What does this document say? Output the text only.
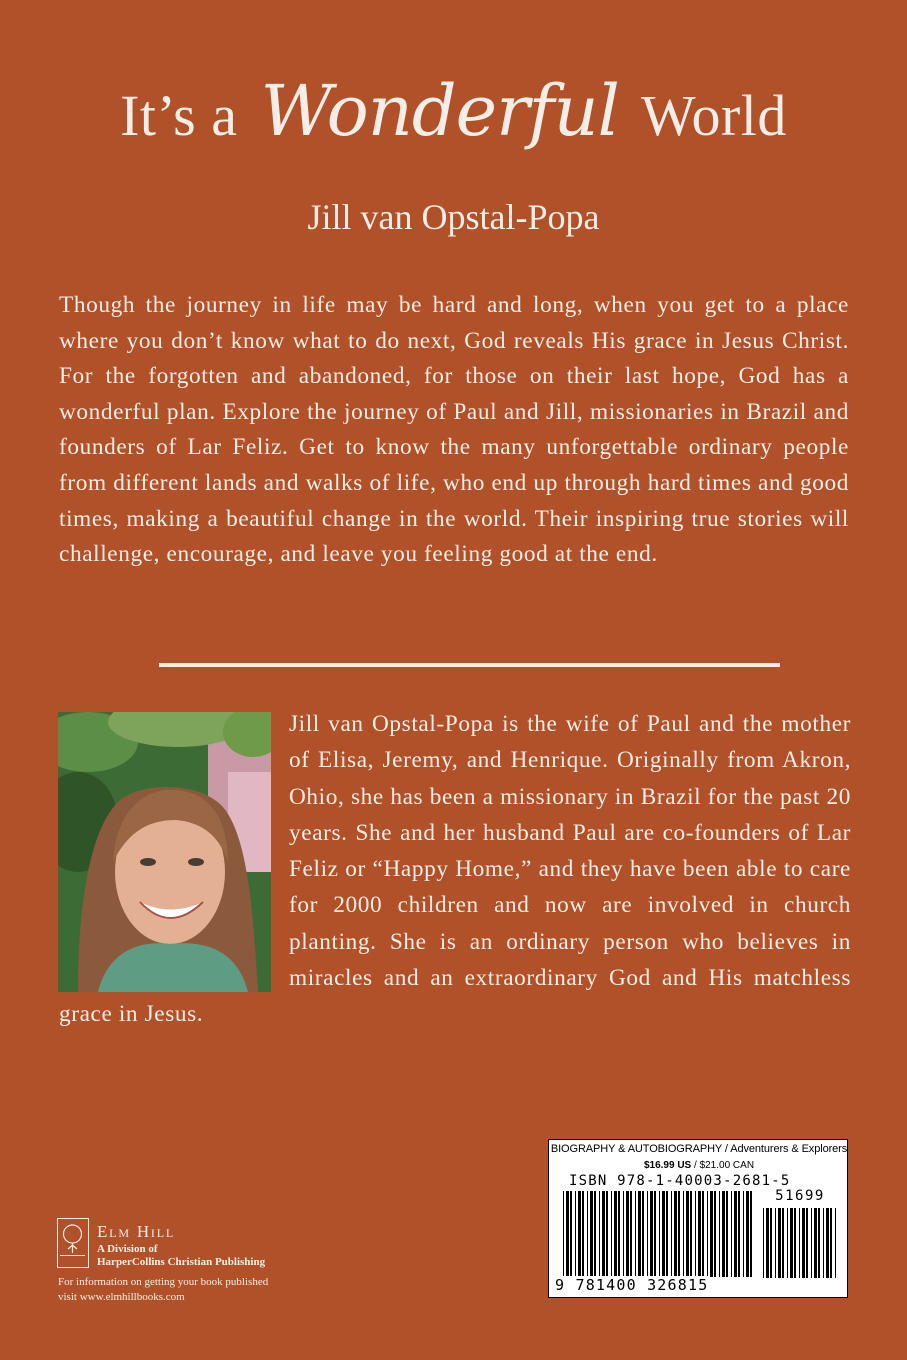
It’s a Wonderful World
Jill van Opstal-Popa

Though the journey in life may be hard and long, when you get to a place where you don’t know what to do next, God reveals His grace in Jesus Christ. For the forgotten and abandoned, for those on their last hope, God has a wonderful plan. Explore the journey of Paul and Jill, missionaries in Brazil and founders of Lar Feliz. Get to know the many unforgettable ordinary people from different lands and walks of life, who end up through hard times and good times, making a beautiful change in the world. Their inspiring true stories will challenge, encourage, and leave you feeling good at the end.

Jill van Opstal-Popa is the wife of Paul and the mother of Elisa, Jeremy, and Henrique. Originally from Akron, Ohio, she has been a missionary in Brazil for the past 20 years. She and her husband Paul are co-founders of Lar Feliz or “Happy Home,” and they have been able to care for 2000 children and now are involved in church planting. She is an ordinary person who believes in miracles and an extraordinary God and His matchless grace in Jesus.

BIOGRAPHY & AUTOBIOGRAPHY / Adventurers & Explorers
$16.99 US / $21.00 CAN
ISBN 978-1-40003-2681-5
51699
9 781400 326815
Elm Hill
A Division of
HarperCollins Christian Publishing
For information on getting your book published
visit www.elmhillbooks.com
